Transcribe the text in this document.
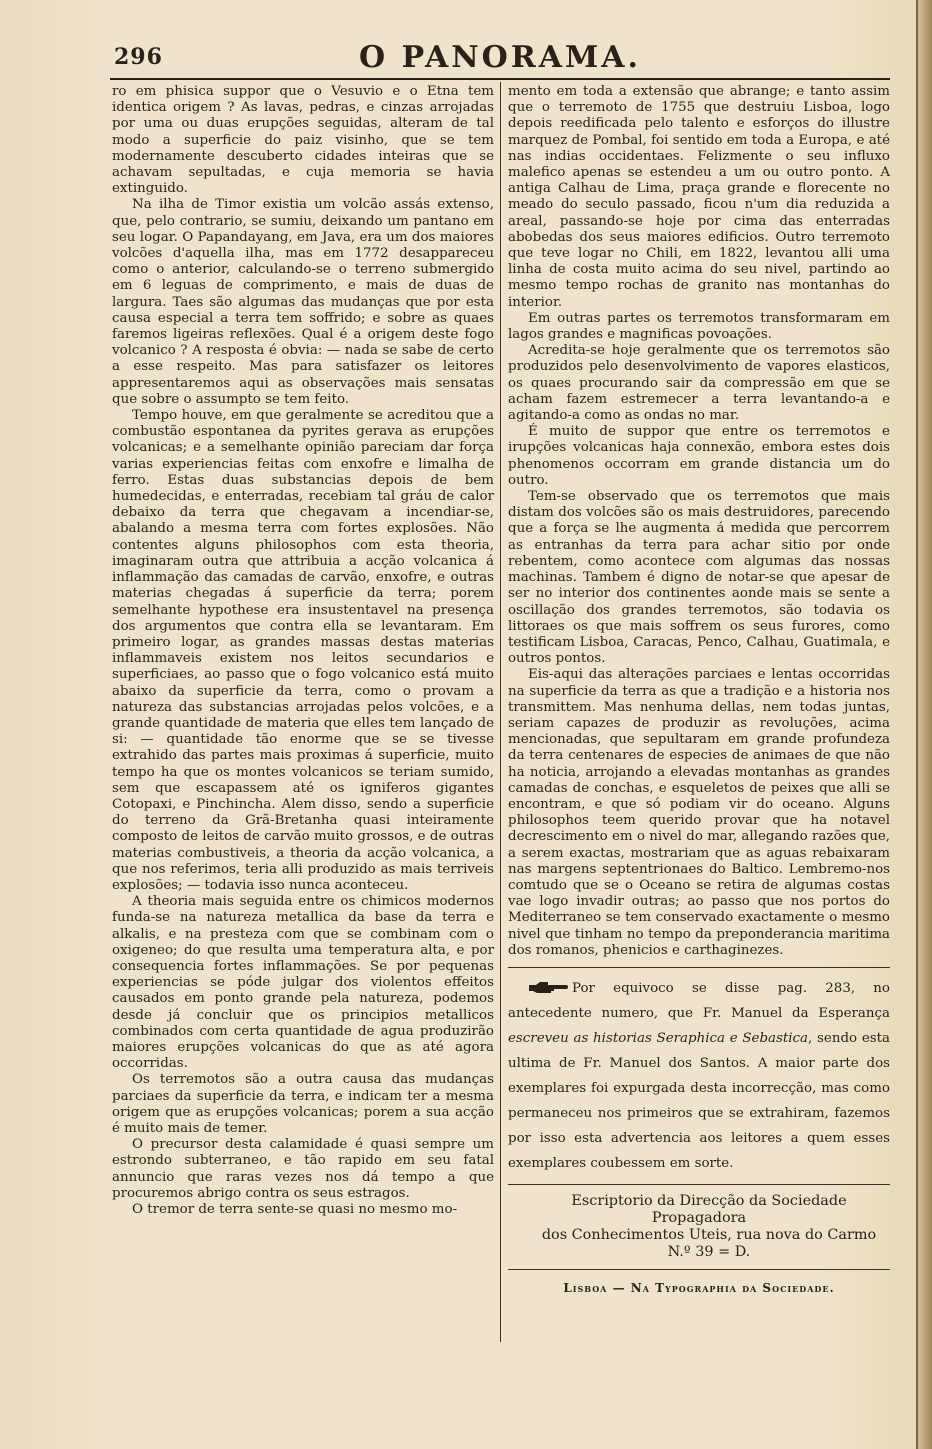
296	O PANORAMA.

ro em phisica suppor que o Vesuvio e o Etna tem identica origem ? As lavas, pedras, e cinzas arrojadas por uma ou duas erupções seguidas, alteram de tal modo a superficie do paiz visinho, que se tem modernamente descuberto cidades inteiras que se achavam sepultadas, e cuja memoria se havia extinguido.

Na ilha de Timor existia um volcão assás extenso, que, pelo contrario, se sumiu, deixando um pantano em seu logar. O Papandayang, em Java, era um dos maiores volcões d'aquella ilha, mas em 1772 desappareceu como o anterior, calculando-se o terreno submergido em 6 leguas de comprimento, e mais de duas de largura. Taes são algumas das mudanças que por esta causa especial a terra tem soffrido; e sobre as quaes faremos ligeiras reflexões. Qual é a origem deste fogo volcanico ? A resposta é obvia: — nada se sabe de certo a esse respeito. Mas para satisfazer os leitores appresentaremos aqui as observações mais sensatas que sobre o assumpto se tem feito.

Tempo houve, em que geralmente se acreditou que a combustão espontanea da pyrites gerava as erupções volcanicas; e a semelhante opinião pareciam dar força varias experiencias feitas com enxofre e limalha de ferro. Estas duas substancias depois de bem humedecidas, e enterradas, recebiam tal gráu de calor debaixo da terra que chegavam a incendiar-se, abalando a mesma terra com fortes explosões. Não contentes alguns philosophos com esta theoria, imaginaram outra que attribuia a acção volcanica á inflammação das camadas de carvão, enxofre, e outras materias chegadas á superficie da terra; porem semelhante hypothese era insustentavel na presença dos argumentos que contra ella se levantaram. Em primeiro logar, as grandes massas destas materias inflammaveis existem nos leitos secundarios e superficiaes, ao passo que o fogo volcanico está muito abaixo da superficie da terra, como o provam a natureza das substancias arrojadas pelos volcões, e a grande quantidade de materia que elles tem lançado de si: — quantidade tão enorme que se se tivesse extrahido das partes mais proximas á superficie, muito tempo ha que os montes volcanicos se teriam sumido, sem que escapassem até os igniferos gigantes Cotopaxi, e Pinchincha. Alem disso, sendo a superficie do terreno da Grã-Bretanha quasi inteiramente composto de leitos de carvão muito grossos, e de outras materias combustiveis, a theoria da acção volcanica, a que nos referimos, teria alli produzido as mais terriveis explosões; — todavia isso nunca aconteceu.

A theoria mais seguida entre os chimicos modernos funda-se na natureza metallica da base da terra e alkalis, e na presteza com que se combinam com o oxigeneo; do que resulta uma temperatura alta, e por consequencia fortes inflammações. Se por pequenas experiencias se póde julgar dos violentos effeitos causados em ponto grande pela natureza, podemos desde já concluir que os principios metallicos combinados com certa quantidade de agua produzirão maiores erupções volcanicas do que as até agora occorridas.

Os terremotos são a outra causa das mudanças parciaes da superficie da terra, e indicam ter a mesma origem que as erupções volcanicas; porem a sua acção é muito mais de temer.

O precursor desta calamidade é quasi sempre um estrondo subterraneo, e tão rapido em seu fatal annuncio que raras vezes nos dá tempo a que procuremos abrigo contra os seus estragos.

O tremor de terra sente-se quasi no mesmo mo-

mento em toda a extensão que abrange; e tanto assim que o terremoto de 1755 que destruiu Lisboa, logo depois reedificada pelo talento e esforços do illustre marquez de Pombal, foi sentido em toda a Europa, e até nas indias occidentaes. Felizmente o seu influxo malefico apenas se estendeu a um ou outro ponto. A antiga Calhau de Lima, praça grande e florecente no meado do seculo passado, ficou n'um dia reduzida a areal, passando-se hoje por cima das enterradas abobedas dos seus maiores edificios. Outro terremoto que teve logar no Chili, em 1822, levantou alli uma linha de costa muito acima do seu nivel, partindo ao mesmo tempo rochas de granito nas montanhas do interior.

Em outras partes os terremotos transformaram em lagos grandes e magnificas povoações.

Acredita-se hoje geralmente que os terremotos são produzidos pelo desenvolvimento de vapores elasticos, os quaes procurando sair da compressão em que se acham fazem estremecer a terra levantando-a e agitando-a como as ondas no mar.

É muito de suppor que entre os terremotos e irupções volcanicas haja connexão, embora estes dois phenomenos occorram em grande distancia um do outro.

Tem-se observado que os terremotos que mais distam dos volcões são os mais destruidores, parecendo que a força se lhe augmenta á medida que percorrem as entranhas da terra para achar sitio por onde rebentem, como acontece com algumas das nossas machinas. Tambem é digno de notar-se que apesar de ser no interior dos continentes aonde mais se sente a oscillação dos grandes terremotos, são todavia os littoraes os que mais soffrem os seus furores, como testificam Lisboa, Caracas, Penco, Calhau, Guatimala, e outros pontos.

Eis-aqui das alterações parciaes e lentas occorridas na superficie da terra as que a tradição e a historia nos transmittem. Mas nenhuma dellas, nem todas juntas, seriam capazes de produzir as revoluções, acima mencionadas, que sepultaram em grande profundeza da terra centenares de especies de animaes de que não ha noticia, arrojando a elevadas montanhas as grandes camadas de conchas, e esqueletos de peixes que alli se encontram, e que só podiam vir do oceano. Alguns philosophos teem querido provar que ha notavel decrescimento em o nivel do mar, allegando razões que, a serem exactas, mostrariam que as aguas rebaixaram nas margens septentrionaes do Baltico. Lembremo-nos comtudo que se o Oceano se retira de algumas costas vae logo invadir outras; ao passo que nos portos do Mediterraneo se tem conservado exactamente o mesmo nivel que tinham no tempo da preponderancia maritima dos romanos, phenicios e carthaginezes.

Por equivoco se disse pag. 283, no antecedente numero, que Fr. Manuel da Esperança escreveu as historias Seraphica e Sebastica, sendo esta ultima de Fr. Manuel dos Santos. A maior parte dos exemplares foi expurgada desta incorrecção, mas como permaneceu nos primeiros que se extrahiram, fazemos por isso esta advertencia aos leitores a quem esses exemplares coubessem em sorte.

Escriptorio da Direcção da Sociedade Propagadora

dos Conhecimentos Uteis, rua nova do Carmo

N.º 39 = D.

Lisboa — Na Typographia da Sociedade.
